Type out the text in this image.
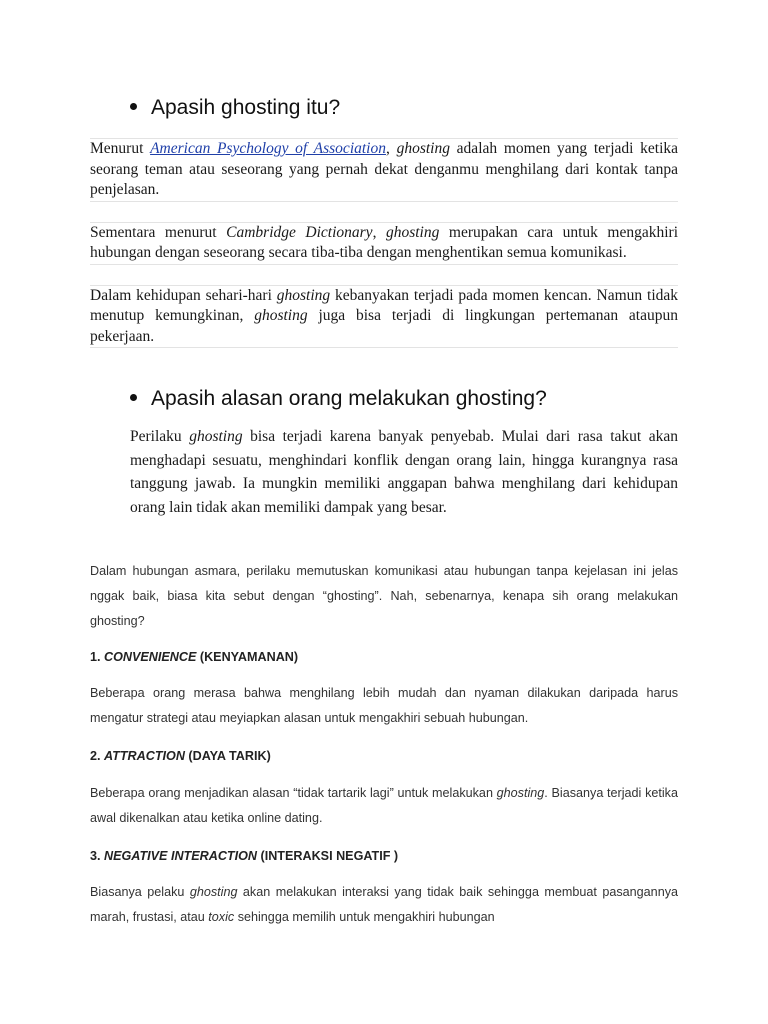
Apasih ghosting itu?

Menurut American Psychology of Association, ghosting adalah momen yang terjadi ketika seorang teman atau seseorang yang pernah dekat denganmu menghilang dari kontak tanpa penjelasan.

Sementara menurut Cambridge Dictionary, ghosting merupakan cara untuk mengakhiri hubungan dengan seseorang secara tiba-tiba dengan menghentikan semua komunikasi.

Dalam kehidupan sehari-hari ghosting kebanyakan terjadi pada momen kencan. Namun tidak menutup kemungkinan, ghosting juga bisa terjadi di lingkungan pertemanan ataupun pekerjaan.

Apasih alasan orang melakukan ghosting?

Perilaku ghosting bisa terjadi karena banyak penyebab. Mulai dari rasa takut akan menghadapi sesuatu, menghindari konflik dengan orang lain, hingga kurangnya rasa tanggung jawab. Ia mungkin memiliki anggapan bahwa menghilang dari kehidupan orang lain tidak akan memiliki dampak yang besar.

Dalam hubungan asmara, perilaku memutuskan komunikasi atau hubungan tanpa kejelasan ini jelas nggak baik, biasa kita sebut dengan “ghosting”. Nah, sebenarnya, kenapa sih orang melakukan ghosting?

1. CONVENIENCE (KENYAMANAN)

Beberapa orang merasa bahwa menghilang lebih mudah dan nyaman dilakukan daripada harus mengatur strategi atau meyiapkan alasan untuk mengakhiri sebuah hubungan.

2. ATTRACTION (DAYA TARIK)

Beberapa orang menjadikan alasan “tidak tartarik lagi” untuk melakukan ghosting. Biasanya terjadi ketika awal dikenalkan atau ketika online dating.

3. NEGATIVE INTERACTION (INTERAKSI NEGATIF )

Biasanya pelaku ghosting akan melakukan interaksi yang tidak baik sehingga membuat pasangannya marah, frustasi, atau toxic sehingga memilih untuk mengakhiri hubungan
